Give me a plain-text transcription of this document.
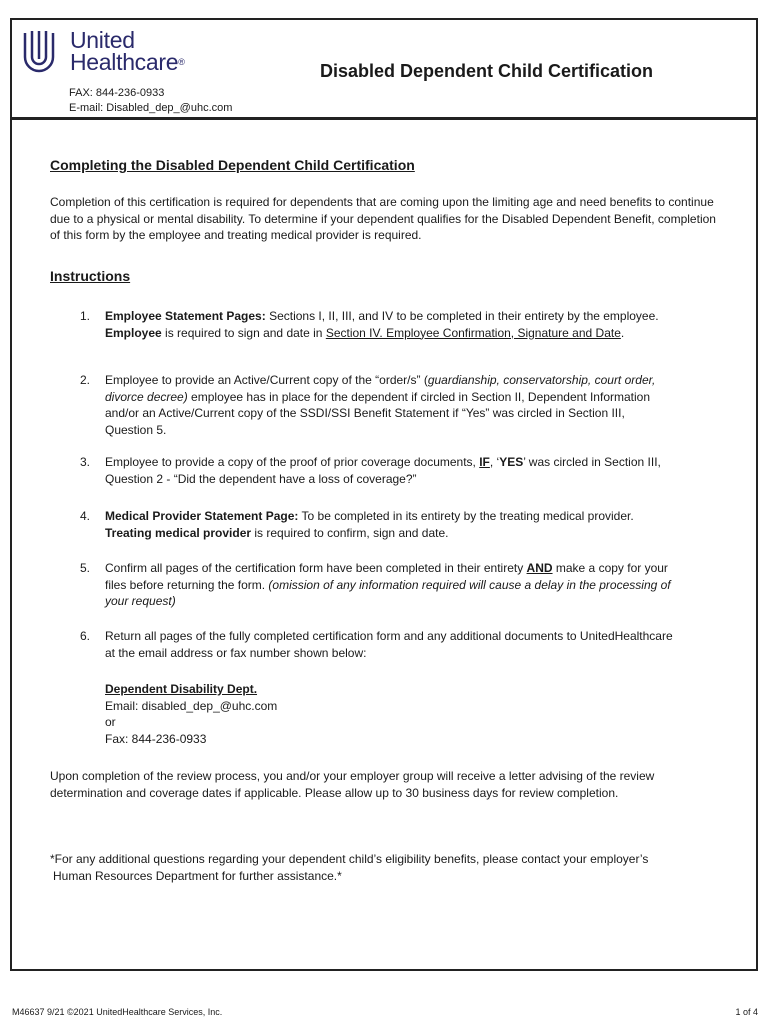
United
Healthcare®
FAX: 844-236-0933
E-mail: Disabled_dep_@uhc.com
Disabled Dependent Child Certification
Completing the Disabled Dependent Child Certification
Completion of this certification is required for dependents that are coming upon the limiting age and need benefits to continue due to a physical or mental disability. To determine if your dependent qualifies for the Disabled Dependent Benefit, completion of this form by the employee and treating medical provider is required.
Instructions
1. Employee Statement Pages: Sections I, II, III, and IV to be completed in their entirety by the employee. Employee is required to sign and date in Section IV. Employee Confirmation, Signature and Date.
2. Employee to provide an Active/Current copy of the “order/s” (guardianship, conservatorship, court order, divorce decree) employee has in place for the dependent if circled in Section II, Dependent Information and/or an Active/Current copy of the SSDI/SSI Benefit Statement if “Yes” was circled in Section III, Question 5.
3. Employee to provide a copy of the proof of prior coverage documents, IF, ‘YES’ was circled in Section III, Question 2 - “Did the dependent have a loss of coverage?”
4. Medical Provider Statement Page: To be completed in its entirety by the treating medical provider. Treating medical provider is required to confirm, sign and date.
5. Confirm all pages of the certification form have been completed in their entirety AND make a copy for your files before returning the form. (omission of any information required will cause a delay in the processing of your request)
6. Return all pages of the fully completed certification form and any additional documents to UnitedHealthcare at the email address or fax number shown below:
Dependent Disability Dept.
Email: disabled_dep_@uhc.com
or
Fax: 844-236-0933
Upon completion of the review process, you and/or your employer group will receive a letter advising of the review determination and coverage dates if applicable. Please allow up to 30 business days for review completion.
*For any additional questions regarding your dependent child’s eligibility benefits, please contact your employer’s
Human Resources Department for further assistance.*
M46637 9/21 ©2021 UnitedHealthcare Services, Inc.	1 of 4
